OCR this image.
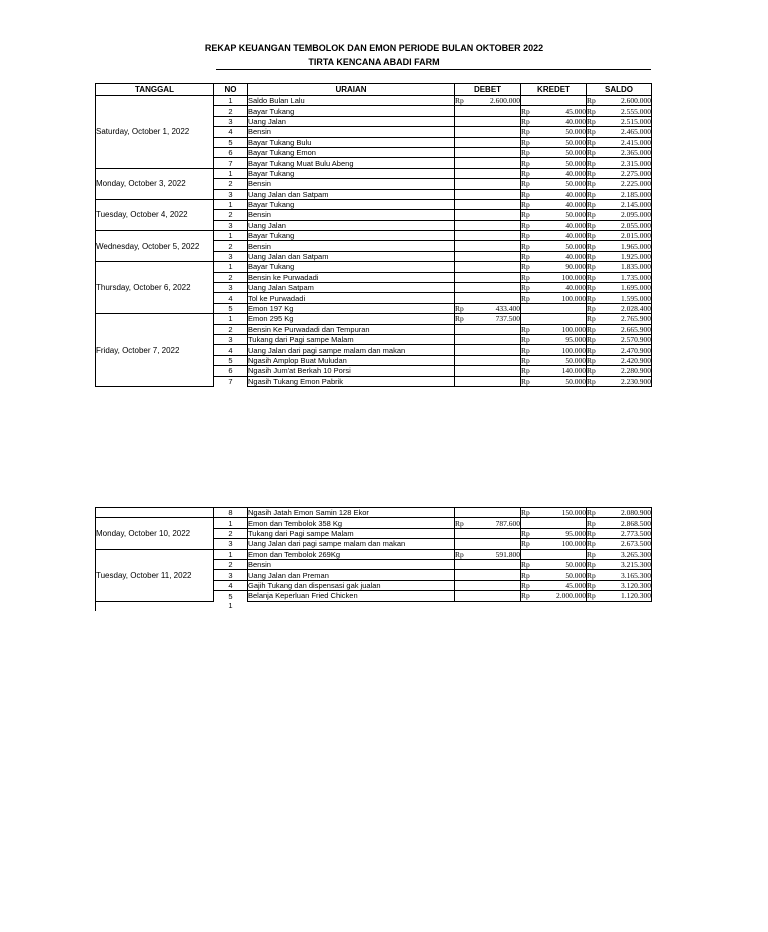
REKAP KEUANGAN TEMBOLOK DAN EMON PERIODE BULAN OKTOBER 2022
TIRTA KENCANA ABADI FARM
TANGGAL	NO	URAIAN	DEBET		KREDET		SALDO	
Saturday, October 1, 2022	1	Saldo Bulan Lalu	Rp	2.600.000			Rp	2.600.000
	2	Bayar Tukang			Rp	45.000	Rp	2.555.000
	3	Uang Jalan			Rp	40.000	Rp	2.515.000
	4	Bensin			Rp	50.000	Rp	2.465.000
	5	Bayar Tukang Bulu			Rp	50.000	Rp	2.415.000
	6	Bayar Tukang Emon			Rp	50.000	Rp	2.365.000
	7	Bayar Tukang Muat Bulu Abeng			Rp	50.000	Rp	2.315.000
Monday, October 3, 2022	1	Bayar Tukang			Rp	40.000	Rp	2.275.000
	2	Bensin			Rp	50.000	Rp	2.225.000
	3	Uang Jalan dan Satpam			Rp	40.000	Rp	2.185.000
Tuesday, October 4, 2022	1	Bayar Tukang			Rp	40.000	Rp	2.145.000
	2	Bensin			Rp	50.000	Rp	2.095.000
	3	Uang Jalan			Rp	40.000	Rp	2.055.000
Wednesday, October 5, 2022	1	Bayar Tukang			Rp	40.000	Rp	2.015.000
	2	Bensin			Rp	50.000	Rp	1.965.000
	3	Uang Jalan dan Satpam			Rp	40.000	Rp	1.925.000
Thursday, October 6, 2022	1	Bayar Tukang			Rp	90.000	Rp	1.835.000
	2	Bensin ke Purwadadi			Rp	100.000	Rp	1.735.000
	3	Uang Jalan Satpam			Rp	40.000	Rp	1.695.000
	4	Tol ke Purwadadi			Rp	100.000	Rp	1.595.000
	5	Emon 197 Kg	Rp	433.400			Rp	2.028.400
Friday, October 7, 2022	1	Emon 295 Kg	Rp	737.500			Rp	2.765.900
	2	Bensin Ke Purwadadi dan Tempuran			Rp	100.000	Rp	2.665.900
	3	Tukang dari Pagi sampe Malam			Rp	95.000	Rp	2.570.900
	4	Uang Jalan dari pagi sampe malam dan makan			Rp	100.000	Rp	2.470.900
	5	Ngasih Amplop Buat Muludan			Rp	50.000	Rp	2.420.900
	6	Ngasih Jum'at Berkah 10 Porsi			Rp	140.000	Rp	2.280.900
	7	Ngasih Tukang Emon Pabrik			Rp	50.000	Rp	2.230.900
	8	Ngasih Jatah Emon Samin 128 Ekor			Rp	150.000	Rp	2.080.900
Monday, October 10, 2022	1	Emon dan Tembolok 358 Kg	Rp	787.600			Rp	2.868.500
	2	Tukang dari Pagi sampe Malam			Rp	95.000	Rp	2.773.500
	3	Uang Jalan dari pagi sampe malam dan makan			Rp	100.000	Rp	2.673.500
Tuesday, October 11, 2022	1	Emon dan Tembolok 269Kg	Rp	591.800			Rp	3.265.300
	2	Bensin			Rp	50.000	Rp	3.215.300
	3	Uang Jalan dan Preman			Rp	50.000	Rp	3.165.300
	4	Gajih Tukang dan dispensasi gak jualan			Rp	45.000	Rp	3.120.300
	5	Belanja Keperluan Fried Chicken			Rp	2.000.000	Rp	1.120.300
	1							
